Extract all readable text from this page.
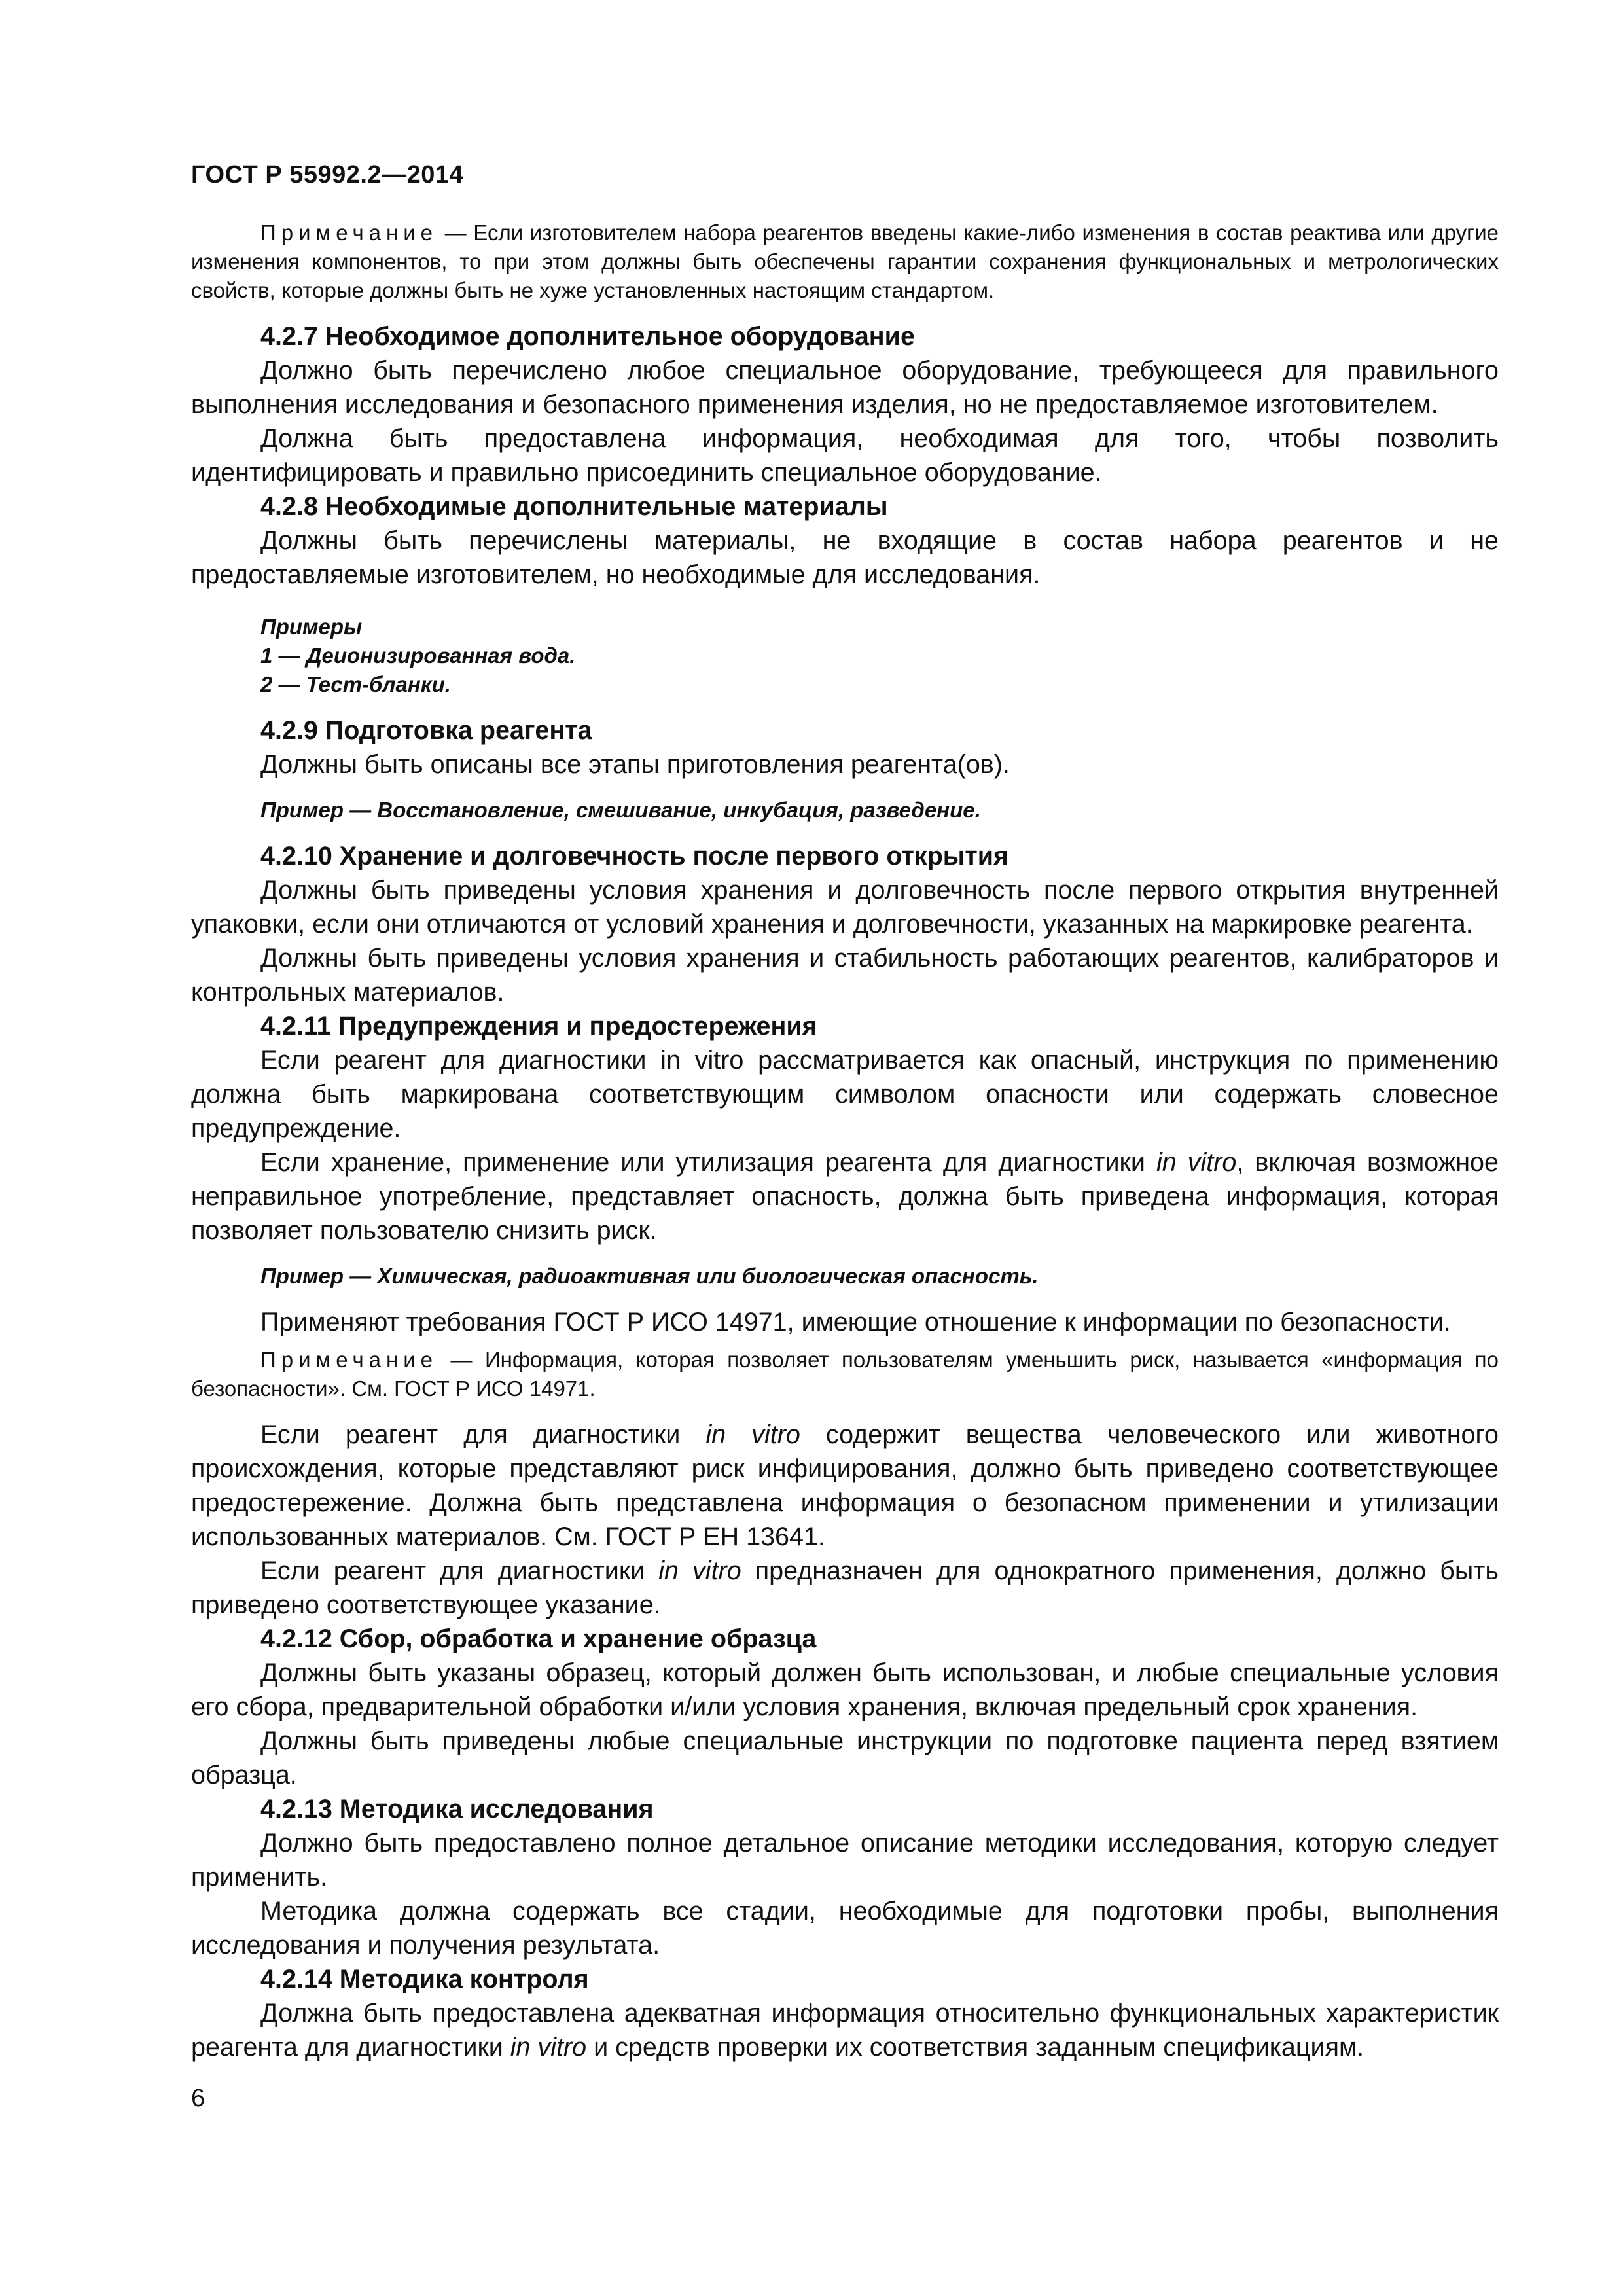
ГОСТ Р 55992.2—2014

Примечание — Если изготовителем набора реагентов введены какие-либо изменения в состав реактива или другие изменения компонентов, то при этом должны быть обеспечены гарантии сохранения функциональных и метрологических свойств, которые должны быть не хуже установленных настоящим стандартом.

4.2.7 Необходимое дополнительное оборудование

Должно быть перечислено любое специальное оборудование, требующееся для правильного выполнения исследования и безопасного применения изделия, но не предоставляемое изготовителем.

Должна быть предоставлена информация, необходимая для того, чтобы позволить идентифицировать и правильно присоединить специальное оборудование.

4.2.8 Необходимые дополнительные материалы

Должны быть перечислены материалы, не входящие в состав набора реагентов и не предоставляемые изготовителем, но необходимые для исследования.

Примеры

1 — Деионизированная вода.

2 — Тест-бланки.

4.2.9 Подготовка реагента

Должны быть описаны все этапы приготовления реагента(ов).

Пример — Восстановление, смешивание, инкубация, разведение.

4.2.10 Хранение и долговечность после первого открытия

Должны быть приведены условия хранения и долговечность после первого открытия внутренней упаковки, если они отличаются от условий хранения и долговечности, указанных на маркировке реагента.

Должны быть приведены условия хранения и стабильность работающих реагентов, калибраторов и контрольных материалов.

4.2.11 Предупреждения и предостережения

Если реагент для диагностики in vitro рассматривается как опасный, инструкция по применению должна быть маркирована соответствующим символом опасности или содержать словесное предупреждение.

Если хранение, применение или утилизация реагента для диагностики in vitro, включая возможное неправильное употребление, представляет опасность, должна быть приведена информация, которая позволяет пользователю снизить риск.

Пример — Химическая, радиоактивная или биологическая опасность.

Применяют требования ГОСТ Р ИСО 14971, имеющие отношение к информации по безопасности.

Примечание — Информация, которая позволяет пользователям уменьшить риск, называется «информация по безопасности». См. ГОСТ Р ИСО 14971.

Если реагент для диагностики in vitro содержит вещества человеческого или животного происхождения, которые представляют риск инфицирования, должно быть приведено соответствующее предостережение. Должна быть представлена информация о безопасном применении и утилизации использованных материалов. См. ГОСТ Р ЕН 13641.

Если реагент для диагностики in vitro предназначен для однократного применения, должно быть приведено соответствующее указание.

4.2.12 Сбор, обработка и хранение образца

Должны быть указаны образец, который должен быть использован, и любые специальные условия его сбора, предварительной обработки и/или условия хранения, включая предельный срок хранения.

Должны быть приведены любые специальные инструкции по подготовке пациента перед взятием образца.

4.2.13 Методика исследования

Должно быть предоставлено полное детальное описание методики исследования, которую следует применить.

Методика должна содержать все стадии, необходимые для подготовки пробы, выполнения исследования и получения результата.

4.2.14 Методика контроля

Должна быть предоставлена адекватная информация относительно функциональных характеристик реагента для диагностики in vitro и средств проверки их соответствия заданным спецификациям.

6
